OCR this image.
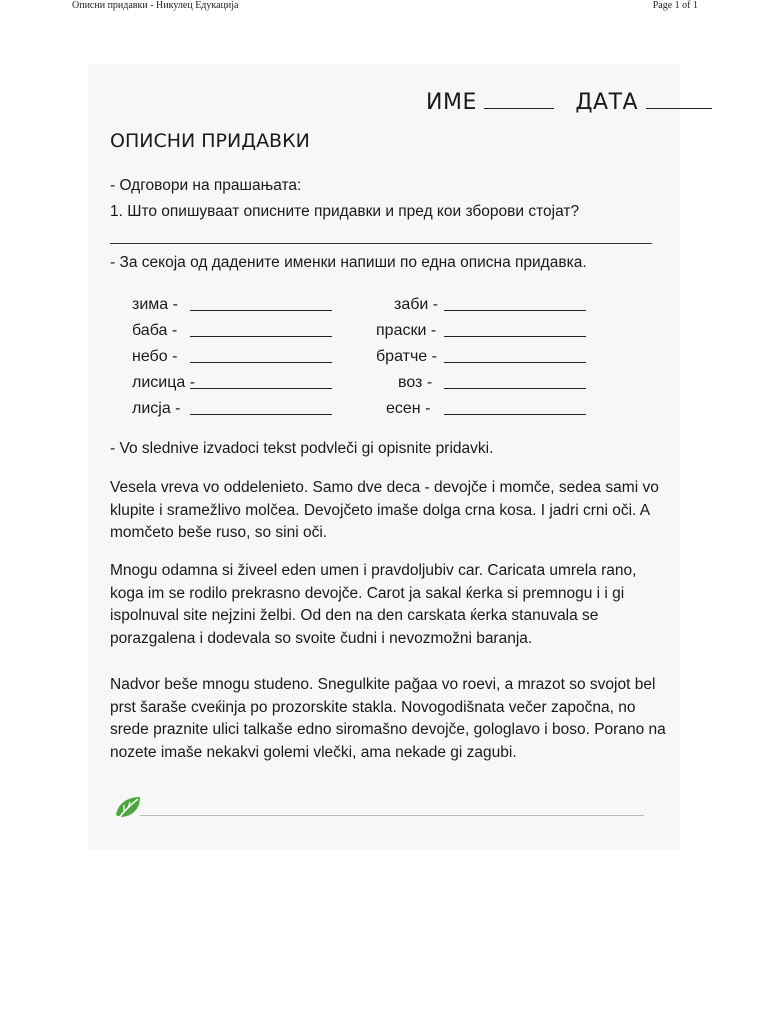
Описни придавки - Никулец Едукација	Page 1 of 1
ИМЕ	ДАТА
ОПИСНИ ПРИДАВКИ
- Одговори на прашањата:
1. Што опишуваат описните придавки и пред кои зборови стојат?
- За секоја од дадените именки напиши по една описна придавка.
зима -
баба -
небо -
лисица -
лисја -
заби -
праски -
братче -
воз -
есен -
- Vo slednive izvadoci tekst podvleči gi opisnite pridavki.
Vesela vreva vo oddelenieto. Samo dve deca - devojče i momče, sedea sami vo klupite i sramežlivo molčea. Devojčeto imaše dolga crna kosa. I jadri crni oči. A momčeto beše ruso, so sini oči.
Mnogu odamna si živeel eden umen i pravdoljubiv car. Caricata umrela rano, koga im se rodilo prekrasno devojče. Carot ja sakal ќerka si premnogu i i gi ispolnuval site nejzini želbi. Od den na den carskata ќerka stanuvala se porazgalena i dodevala so svoite čudni i nevozmožni baranja.
Nadvor beše mnogu studeno. Snegulkite pağaa vo roevi, a mrazot so svojot bel prst šaraše cveќinja po prozorskite stakla. Novogodišnata večer započna, no srede praznite ulici talkaše edno siromašno devojče, gologlavo i boso. Porano na nozete imaše nekakvi golemi vlečki, ama nekade gi zagubi.
